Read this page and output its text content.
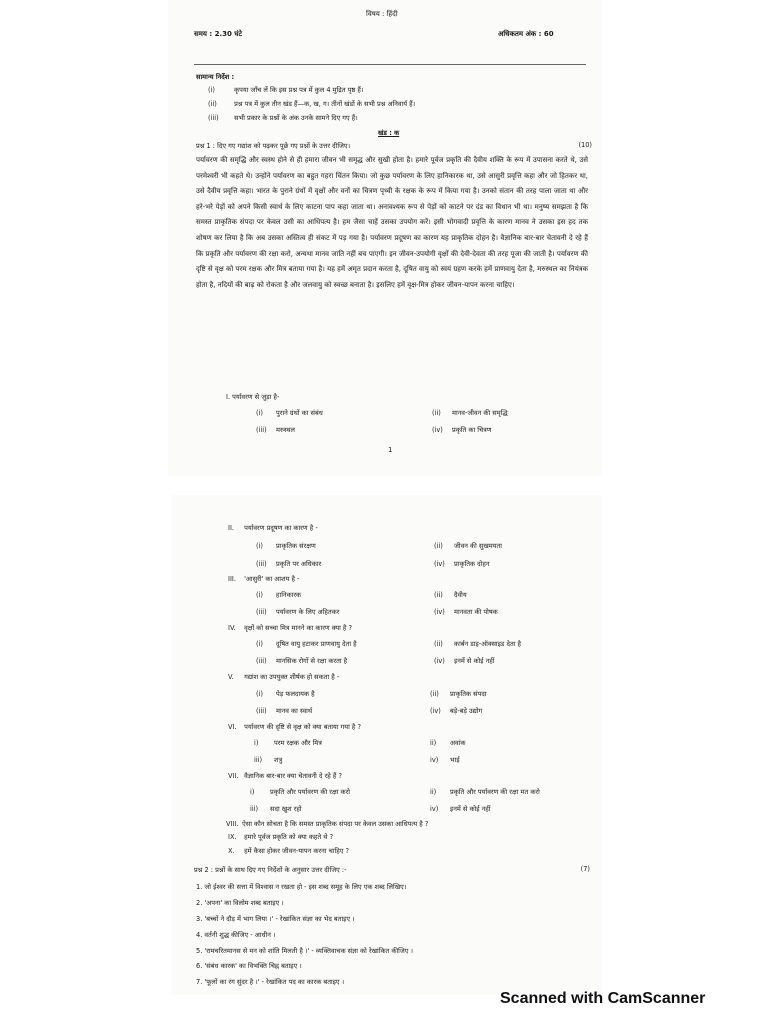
विषय : हिंदी
समय : 2.30 घंटे	अधिकतम अंक : 60
सामान्य निर्देश :
(i)	कृपया जाँच लें कि इस प्रश्न पत्र में कुल 4 मुद्रित पृष्ठ हैं।
(ii)	प्रश्न पत्र में कुल तीन खंड हैं—क, ख, ग। तीनों खंडों के सभी प्रश्न अनिवार्य हैं।
(iii) सभी प्रकार के प्रश्नों के अंक उनके सामने दिए गए हैं।
खंड : क
प्रश्न 1 : दिए गए गद्यांश को पढ़कर पूछे गए प्रश्नों के उत्तर दीजिए।	(10)
पर्यावरण की समृद्धि और स्वस्थ होने से ही हमारा जीवन भी समृद्ध और सुखी होता है। हमारे पूर्वज प्रकृति की दैवीय शक्ति के रूप में उपासना करते थे, उसे परमेश्वरी भी कहते थे। उन्होंने पर्यावरण का बहुत गहरा चिंतन किया। जो कुछ पर्यावरण के लिए हानिकारक था, उसे आसुरी प्रवृत्ति कहा और जो हितकर था, उसे दैवीय प्रवृत्ति कहा। भारत के पुराने ग्रंथों में वृक्षों और वनों का चित्रण पृथ्वी के रक्षक के रूप में किया गया है। उनको संतान की तरह पाला जाता था और हरे-भरे पेड़ों को अपने किसी स्वार्थ के लिए काटना पाप कहा जाता था। अनावश्यक रूप से पेड़ों को काटने पर दंड का विधान भी था। मनुष्य समझता है कि समस्त प्राकृतिक संपदा पर केवल उसी का आधिपत्य है। हम जैसा चाहें उसका उपयोग करें। इसी भोगवादी प्रवृत्ति के कारण मानव ने उसका इस हद तक शोषण कर लिया है कि अब उसका अस्तित्व ही संकट में पड़ गया है। पर्यावरण प्रदूषण का कारण यह प्राकृतिक दोहन है। वैज्ञानिक बार-बार चेतावनी दे रहे हैं कि प्रकृति और पर्यावरण की रक्षा करो, अन्यथा मानव जाति नहीं बच पाएगी। इन जीवन-उपयोगी वृक्षों की देवी-देवता की तरह पूजा की जाती है। पर्यावरण की दृष्टि से वृक्ष को परम रक्षक और मित्र बताया गया है। यह हमें अमृत प्रदान करता है, दूषित वायु को स्वयं ग्रहण करके हमें प्राणवायु देता है, मरुस्थल का नियंत्रक होता है, नदियों की बाढ़ को रोकता है और जलवायु को स्वच्छ बनाता है। इसलिए हमें वृक्ष-मित्र होकर जीवन-यापन करना चाहिए।
I. पर्यावरण से जुड़ा है-
(i) पुराने ग्रंथों का संबंध	(ii) मानव-जीवन की समृद्धि
(iii) मरुस्थल	(iv) प्रकृति का चित्रण
1
II. पर्यावरण प्रदूषण का कारण है -
(i) प्राकृतिक संरक्षण	(ii) जीवन की सुखमयता
(iii) प्रकृति पर अधिकार	(iv) प्राकृतिक दोहन
III. 'आसुरी' का आशय है -
(i) हानिकारक	(ii) दैवीय
(iii) पर्यावरण के लिए अहितकर	(iv) मानवता की पोषक
IV. वृक्षों को सच्चा मित्र मानने का कारण क्या है ?
(i) दूषित वायु हटाकर प्राणवायु देता है	(ii) कार्बन डाइ-ऑक्साइड देता है
(iii) मानसिक रोगों से रक्षा करता है	(iv) इनमें से कोई नहीं
V. गद्यांश का उपयुक्त शीर्षक हो सकता है -
(i) पेड़ फलदायक है	(ii) प्राकृतिक संपदा
(iii) मानव का स्वार्थ	(iv) बड़े-बड़े उद्योग
VI. पर्यावरण की दृष्टि से वृक्ष को क्या बताया गया है ?
i) परम रक्षक और मित्र	ii) अवांक
iii) शत्रु	iv) भाई
VII. वैज्ञानिक बार-बार क्या चेतावनी दे रहे हैं ?
i) प्रकृति और पर्यावरण की रक्षा करो	ii) प्रकृति और पर्यावरण की रक्षा मत करो
iii) सदा खुश रहो	iv) इनमें से कोई नहीं
VIII. ऐसा कौन सोचता है कि समस्त प्राकृतिक संपदा पर केवल उसका आधिपत्य है ?
IX. हमारे पूर्वज प्रकृति को क्या कहते थे ?
X. हमें कैसा होकर जीवन-यापन करना चाहिए ?
प्रश्न 2 : प्रश्नों के साथ दिए गए निर्देशों के अनुसार उत्तर दीजिए :-	(7)
1. जो ईश्वर की सत्ता में विश्वास न रखता हो - इस शब्द समूह के लिए एक शब्द लिखिए।
2. 'अपना' का विलोम शब्द बताइए ।
3. 'बच्चों ने दौड़ में भाग लिया ।' - रेखांकित संज्ञा का भेद बताइए ।
4. वर्तनी शुद्ध कीजिए - आधीन ।
5. 'रामचरितमानस से मन को शांति मिलती है ।' - व्यक्तिवाचक संज्ञा को रेखांकित कीजिए ।
6. 'संबंध कारक' का विभक्ति चिह्न बताइए ।
7. 'फूलों का रंग सुंदर है ।' - रेखांकित पद का कारक बताइए ।
Scanned with CamScanner
